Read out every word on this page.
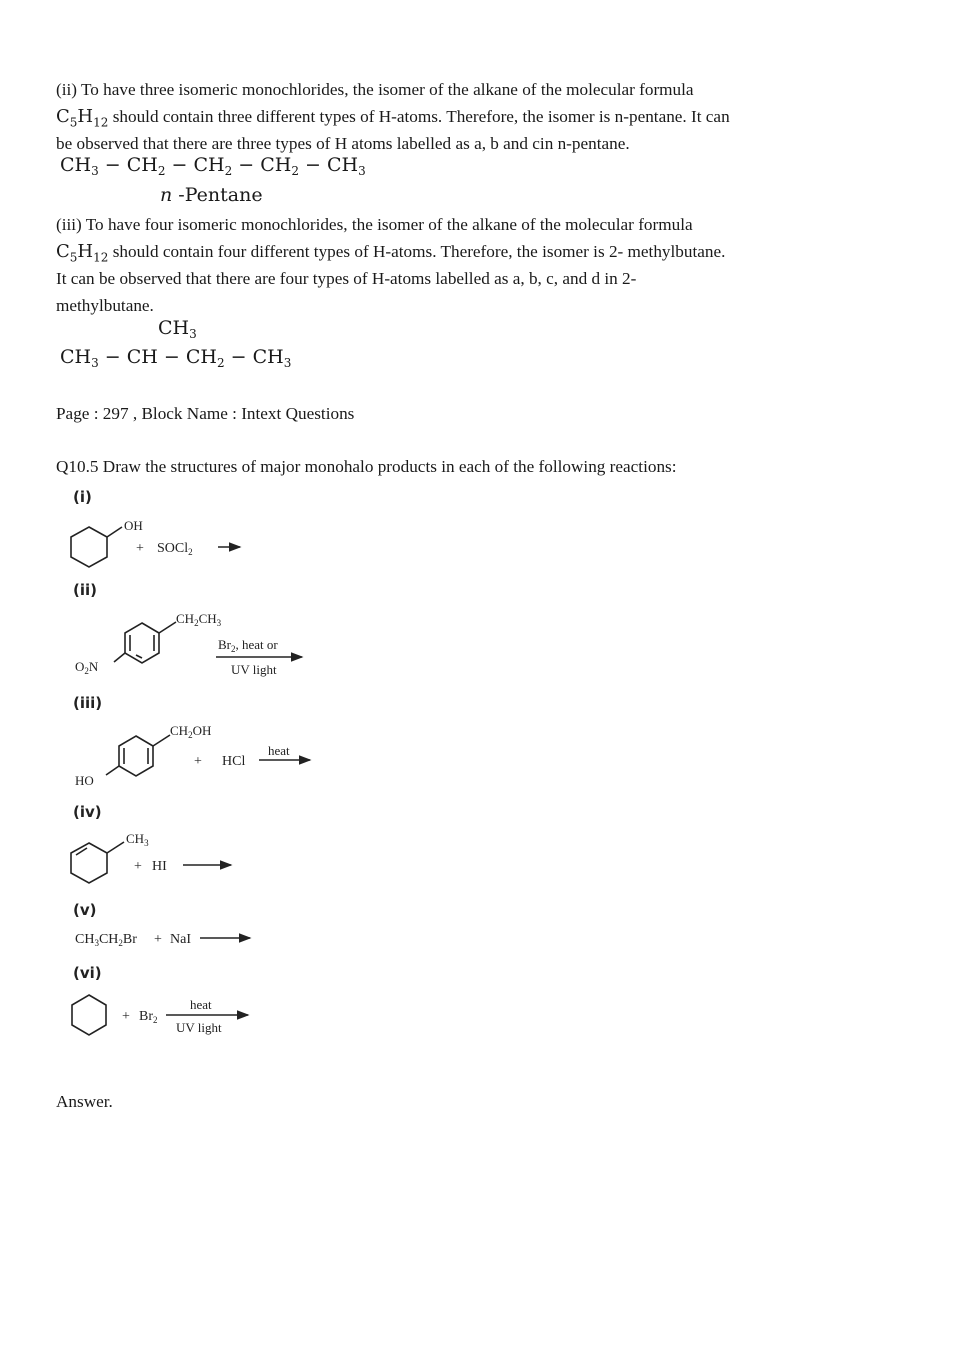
(ii) To have three isomeric monochlorides, the isomer of the alkane of the molecular formula
$C_5H_{12}$ should contain three different types of H-atoms. Therefore, the isomer is n-pentane. It can
be observed that there are three types of H atoms labelled as a, b and cin n-pentane.
$CH_3 - CH_2 - CH_2 - CH_2 - CH_3$
n -Pentane
(iii) To have four isomeric monochlorides, the isomer of the alkane of the molecular formula
$C_5H_{12}$ should contain four different types of H-atoms. Therefore, the isomer is 2- methylbutane.
It can be observed that there are four types of H-atoms labelled as a, b, c, and d in 2-
methylbutane.
$CH_3$
$CH_3$ − CH − $CH_2 - CH_3$
Page : 297 , Block Name : Intext Questions
Q10.5 Draw the structures of major monohalo products in each of the following reactions:
(i)
OH
+ SOCl$_2$
(ii)
$CH_2CH_3$
$O_2N$
$Br_2$, heat or
UV light
(iii)
$CH_2OH$
HO
+ HCl
heat
(iv)
$CH_3$
+ HI
(v)
$CH_3CH_2Br$ + NaI
(vi)
+ $Br_2$
heat
UV light
Answer.
